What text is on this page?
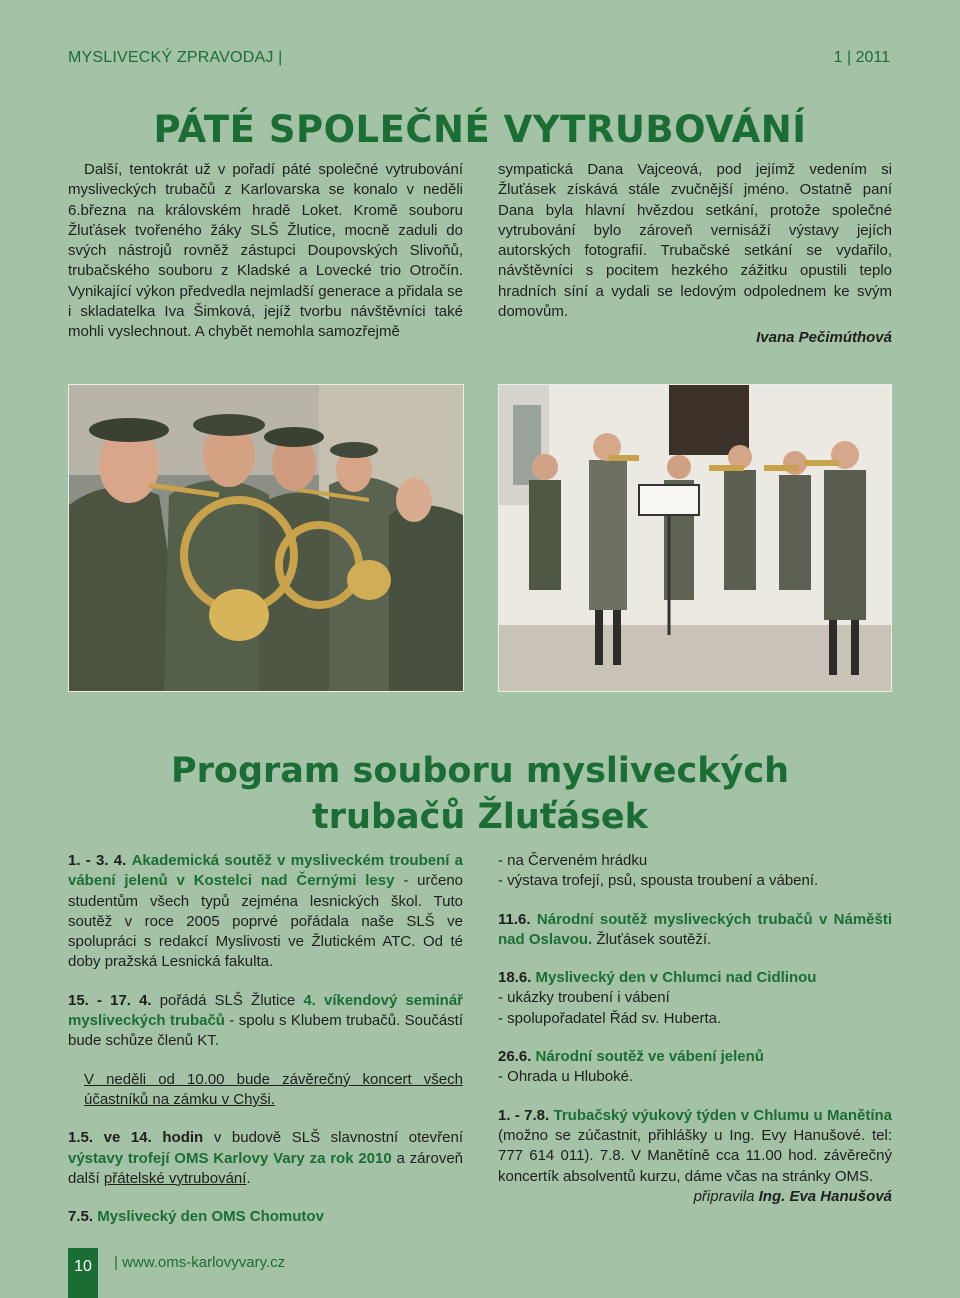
MYSLIVECKÝ ZPRAVODAJ |	1 | 2011
PÁTÉ SPOLEČNÉ VYTRUBOVÁNÍ

Další, tentokrát už v pořadí páté společné vytrubování mysliveckých trubačů z Karlovarska se konalo v neděli 6.března na královském hradě Loket. Kromě souboru Žluťásek tvořeného žáky SLŠ Žlutice, mocně zaduli do svých nástrojů rovněž zástupci Doupovských Slivoňů, trubačského souboru z Kladské a Lovecké trio Otročín. Vynikající výkon předvedla nejmladší generace a přidala se i skladatelka Iva Šimková, jejíž tvorbu návštěvníci také mohli vyslechnout. A chybět nemohla samozřejmě

sympatická Dana Vajceová, pod jejímž vedením si Žluťásek získává stále zvučnější jméno. Ostatně paní Dana byla hlavní hvězdou setkání, protože společné vytrubování bylo zároveň vernisáží výstavy jejích autorských fotografií. Trubačské setkání se vydařilo, návštěvníci s pocitem hezkého zážitku opustili teplo hradních síní a vydali se ledovým odpolednem ke svým domovům.

Ivana Pečimúthová
Program souboru mysliveckých
trubačů Žluťásek
1. - 3. 4. Akademická soutěž v mysliveckém troubení a vábení jelenů v Kostelci nad Černými lesy - určeno studentům všech typů zejména lesnických škol. Tuto soutěž v roce 2005 poprvé pořádala naše SLŠ ve spolupráci s redakcí Myslivosti ve Žlutickém ATC. Od té doby pražská Lesnická fakulta.
15. - 17. 4. pořádá SLŠ Žlutice 4. víkendový seminář mysliveckých trubačů - spolu s Klubem trubačů. Součástí bude schůze členů KT.
V neděli od 10.00 bude závěrečný koncert všech účastníků na zámku v Chyši.
1.5. ve 14. hodin v budově SLŠ slavnostní otevření výstavy trofejí OMS Karlovy Vary za rok 2010 a zároveň další přátelské vytrubování.
7.5. Myslivecký den OMS Chomutov
- na Červeném hrádku
- výstava trofejí, psů, spousta troubení a vábení.
11.6. Národní soutěž mysliveckých trubačů v Náměšti nad Oslavou. Žluťásek soutěží.
18.6. Myslivecký den v Chlumci nad Cidlinou
- ukázky troubení i vábení
- spolupořadatel Řád sv. Huberta.
26.6. Národní soutěž ve vábení jelenů
- Ohrada u Hluboké.
1. - 7.8. Trubačský výukový týden v Chlumu u Manětína (možno se zúčastnit, přihlášky u Ing. Evy Hanušové. tel: 777 614 011). 7.8. V Manětíně cca 11.00 hod. závěrečný koncertík absolventů kurzu, dáme včas na stránky OMS.
připravila Ing. Eva Hanušová
10	| www.oms-karlovyvary.cz
